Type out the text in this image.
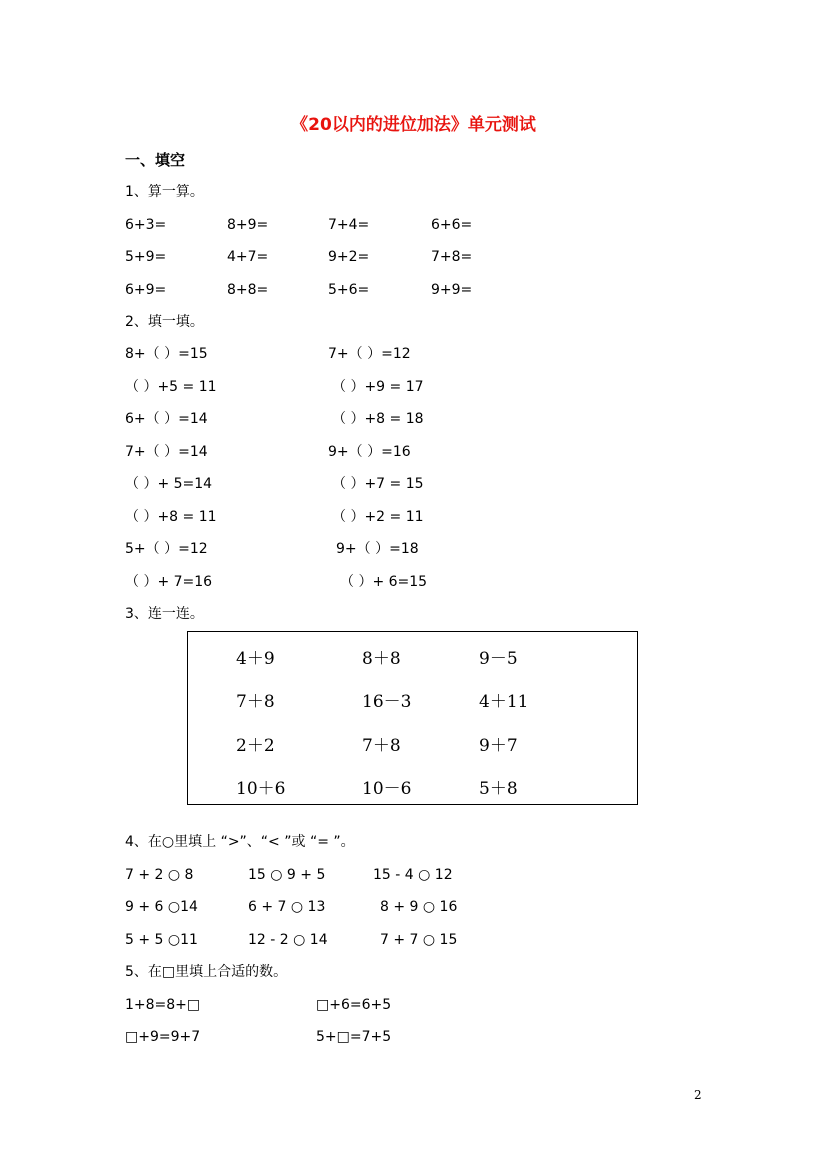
《20以内的进位加法》单元测试
一、填空
1、算一算。
6+3=	8+9=	7+4=	6+6=
5+9=	4+7=	9+2=	7+8=
6+9=	8+8=	5+6=	9+9=
2、填一填。
8+（ ）=15	7+（ ）=12
（ ）+5 = 11	（ ）+9 = 17
6+（ ）=14	（ ）+8 = 18
7+（ ）=14	9+（ ）=16
（ ）+ 5=14	（ ）+7 = 15
（ ）+8 = 11	（ ）+2 = 11
5+（ ）=12	9+（ ）=18
（ ）+ 7=16	（ ）+ 6=15
3、连一连。
4＋9	8＋8	9－5
7＋8	16－3	4＋11
2＋2	7＋8	9＋7
10＋6	10－6	5＋8
4、在○里填上 “>”、“< ”或 “= ”。
7 + 2 ○ 8	15 ○ 9 + 5	15 - 4 ○ 12
9 + 6 ○14	6 + 7 ○ 13	8 + 9 ○ 16
5 + 5 ○11	12 - 2 ○ 14	7 + 7 ○ 15
5、在□里填上合适的数。
1+8=8+□	□+6=6+5
□+9=9+7	5+□=7+5
2
